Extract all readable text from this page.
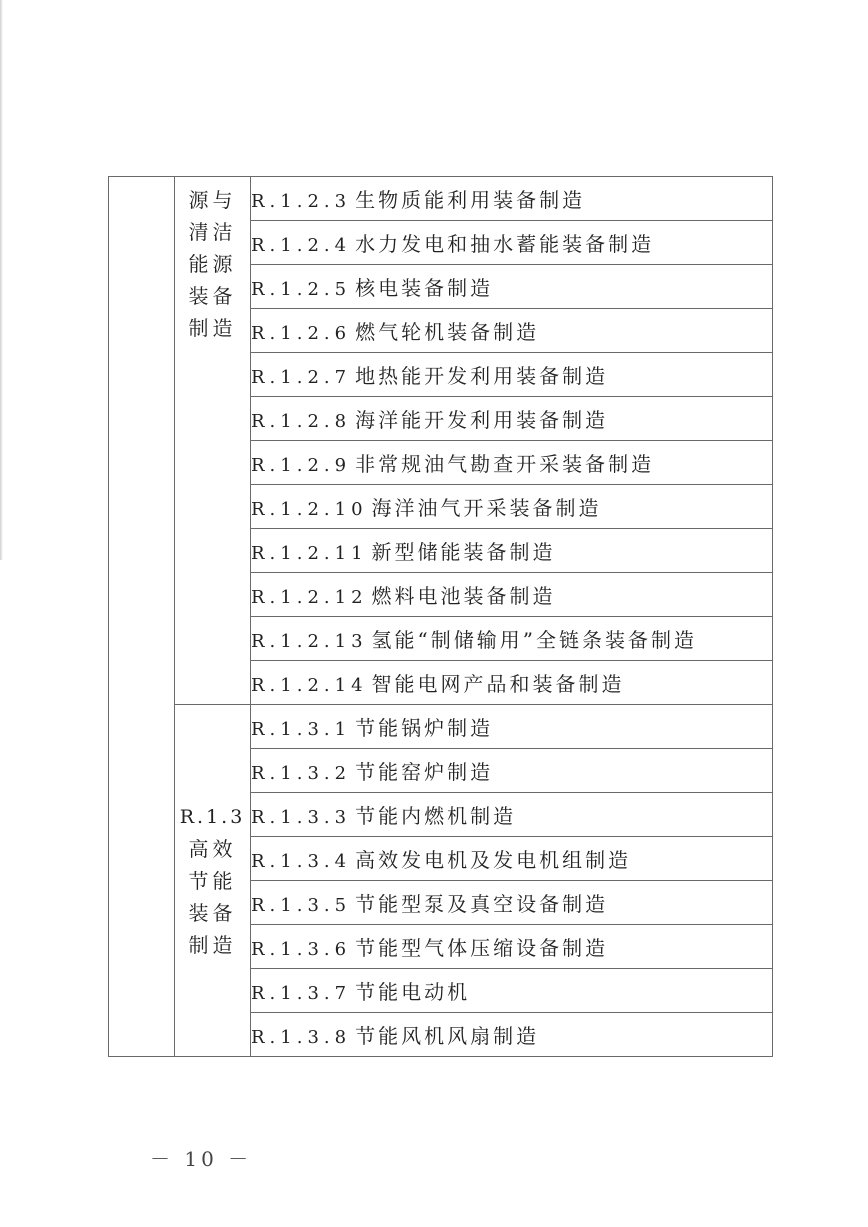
	源与
清洁
能源
装备
制造	R.1.2.3 生物质能利用装备制造
		R.1.2.4 水力发电和抽水蓄能装备制造
		R.1.2.5 核电装备制造
		R.1.2.6 燃气轮机装备制造
		R.1.2.7 地热能开发利用装备制造
		R.1.2.8 海洋能开发利用装备制造
		R.1.2.9 非常规油气勘查开采装备制造
		R.1.2.10 海洋油气开采装备制造
		R.1.2.11 新型储能装备制造
		R.1.2.12 燃料电池装备制造
		R.1.2.13 氢能“制储输用”全链条装备制造
		R.1.2.14 智能电网产品和装备制造

	R.1.3
高效
节能
装备
制造	R.1.3.1 节能锅炉制造
		R.1.3.2 节能窑炉制造
		R.1.3.3 节能内燃机制造
		R.1.3.4 高效发电机及发电机组制造
		R.1.3.5 节能型泵及真空设备制造
		R.1.3.6 节能型气体压缩设备制造
		R.1.3.7 节能电动机
		R.1.3.8 节能风机风扇制造
－ 10 －
